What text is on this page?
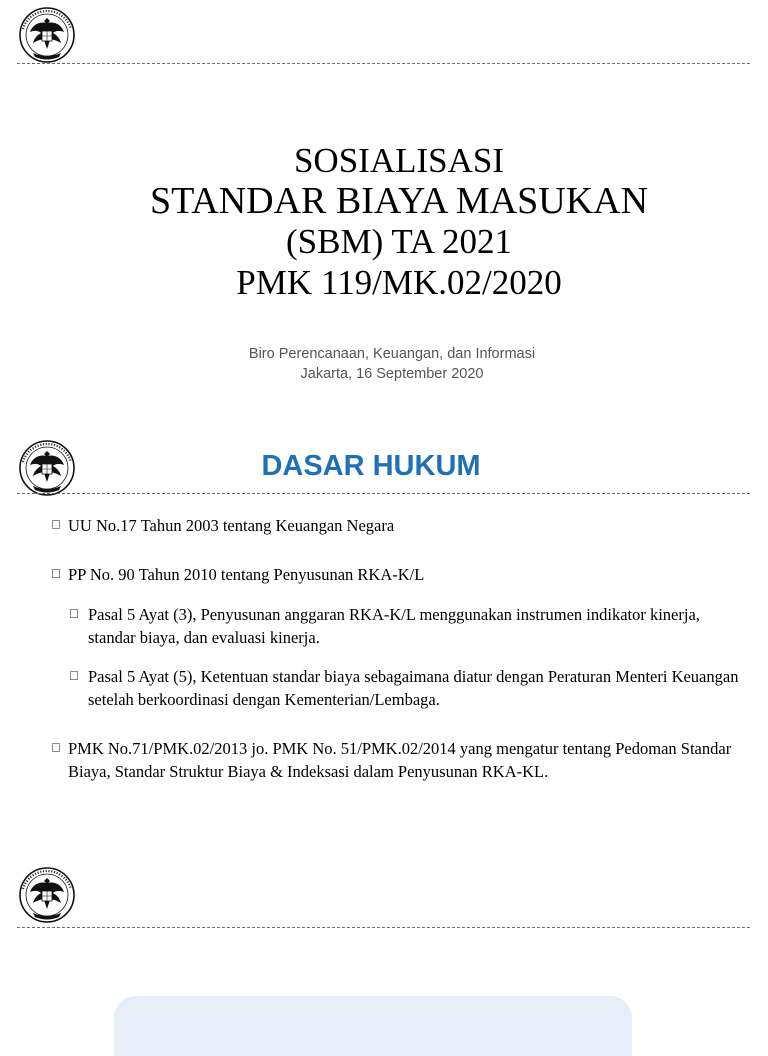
SOSIALISASI
STANDAR BIAYA MASUKAN
(SBM) TA 2021
PMK 119/MK.02/2020
Biro Perencanaan, Keuangan, dan Informasi
Jakarta, 16 September 2020
DASAR HUKUM

UU No.17 Tahun 2003 tentang Keuangan Negara

PP No. 90 Tahun 2010 tentang Penyusunan RKA-K/L

Pasal 5 Ayat (3), Penyusunan anggaran RKA-K/L menggunakan instrumen indikator kinerja, standar biaya, dan evaluasi kinerja.

Pasal 5 Ayat (5), Ketentuan standar biaya sebagaimana diatur dengan Peraturan Menteri Keuangan setelah berkoordinasi dengan Kementerian/Lembaga.

PMK No.71/PMK.02/2013 jo. PMK No. 51/PMK.02/2014 yang mengatur tentang Pedoman Standar Biaya, Standar Struktur Biaya & Indeksasi dalam Penyusunan RKA-KL.
